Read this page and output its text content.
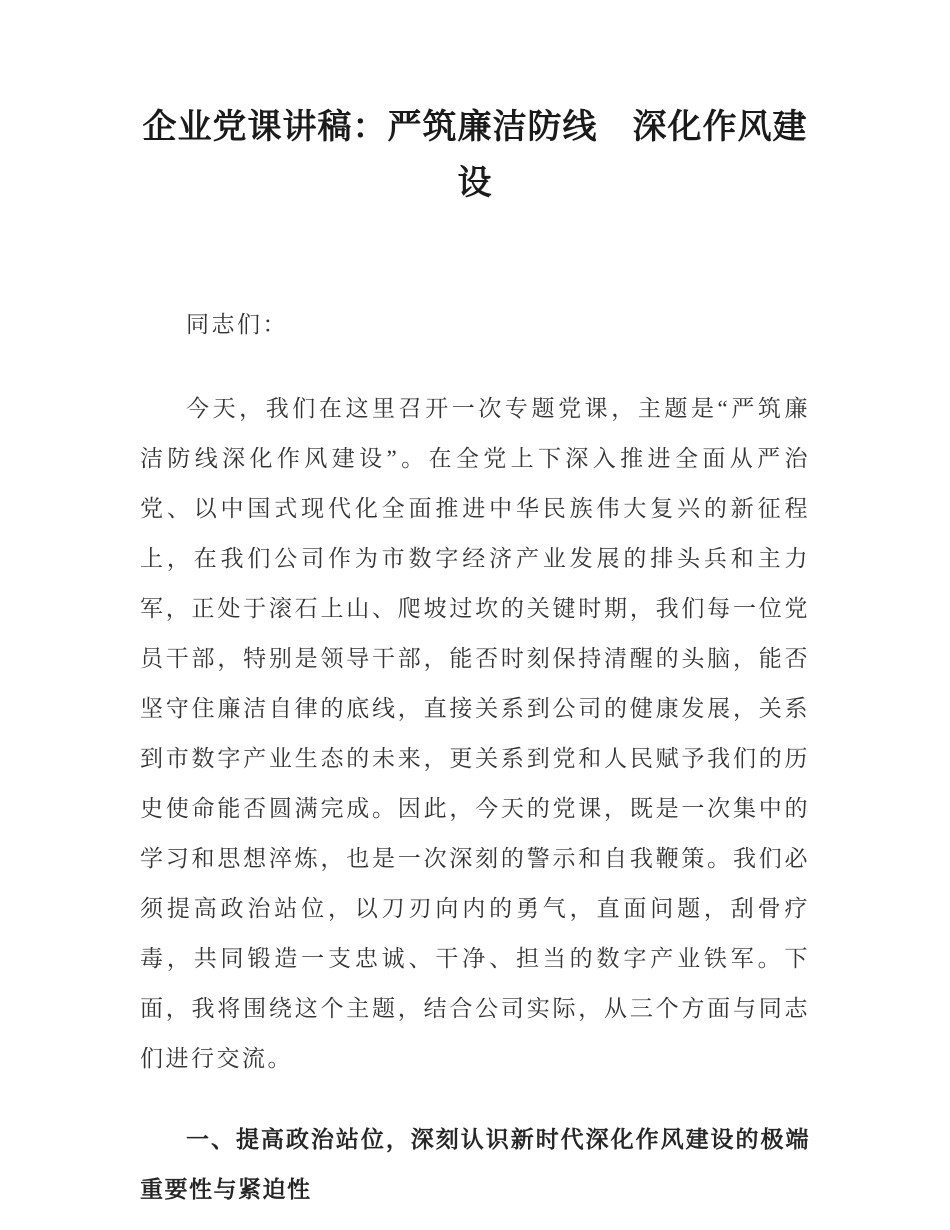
企业党课讲稿：严筑廉洁防线　深化作风建设

同志们：

今天，我们在这里召开一次专题党课，主题是“严筑廉洁防线深化作风建设”。在全党上下深入推进全面从严治党、以中国式现代化全面推进中华民族伟大复兴的新征程上，在我们公司作为市数字经济产业发展的排头兵和主力军，正处于滚石上山、爬坡过坎的关键时期，我们每一位党员干部，特别是领导干部，能否时刻保持清醒的头脑，能否坚守住廉洁自律的底线，直接关系到公司的健康发展，关系到市数字产业生态的未来，更关系到党和人民赋予我们的历史使命能否圆满完成。因此，今天的党课，既是一次集中的学习和思想淬炼，也是一次深刻的警示和自我鞭策。我们必须提高政治站位，以刀刃向内的勇气，直面问题，刮骨疗毒，共同锻造一支忠诚、干净、担当的数字产业铁军。下面，我将围绕这个主题，结合公司实际，从三个方面与同志们进行交流。

一、提高政治站位，深刻认识新时代深化作风建设的极端重要性与紧迫性
